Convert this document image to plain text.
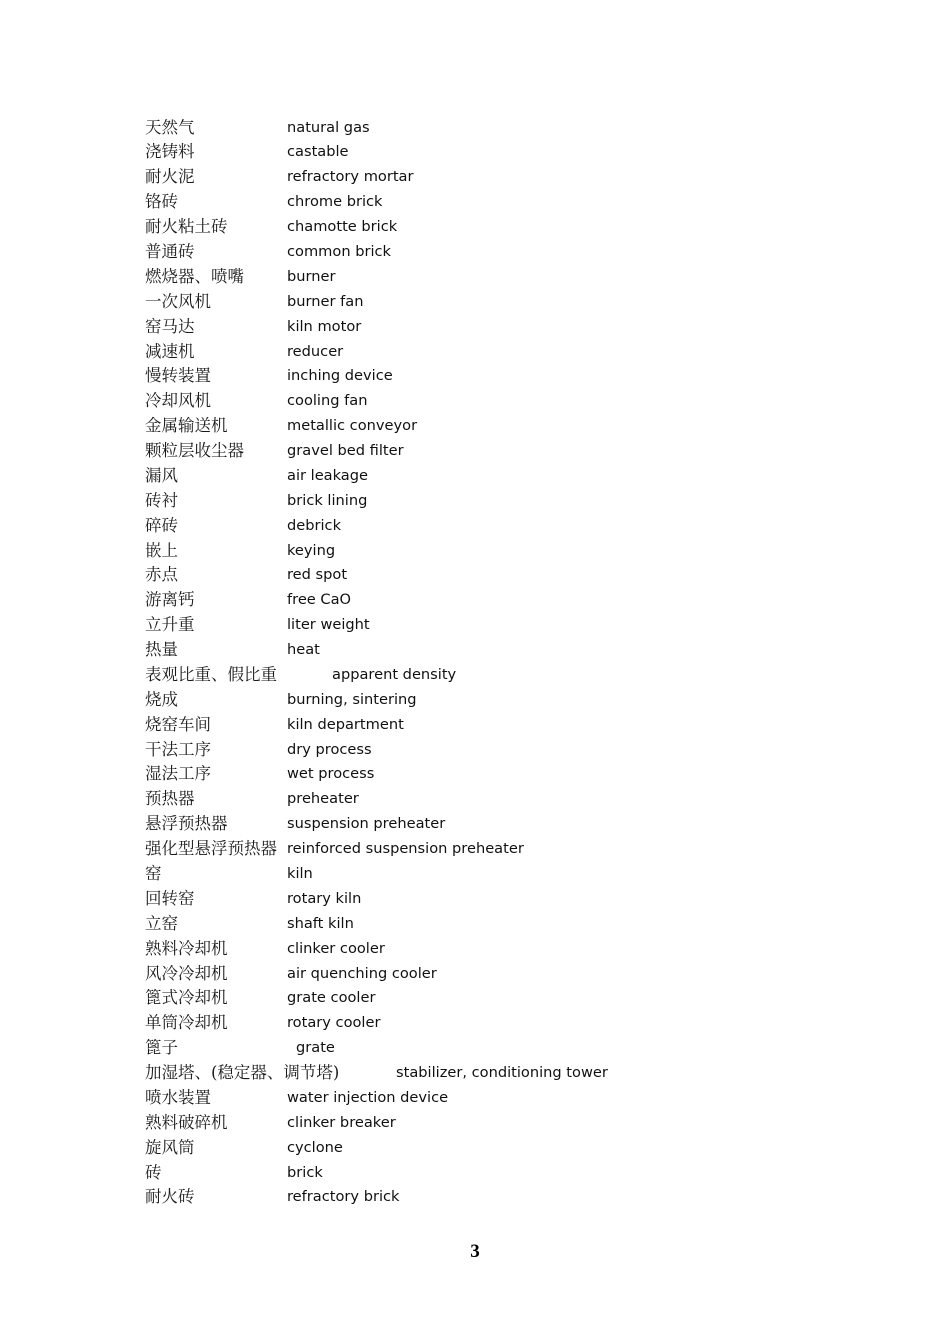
天然气	natural gas
浇铸料	castable
耐火泥	refractory mortar
铬砖	chrome brick
耐火粘土砖	chamotte brick
普通砖	common brick
燃烧器、喷嘴	burner
一次风机	burner fan
窑马达	kiln motor
减速机	reducer
慢转装置	inching device
冷却风机	cooling fan
金属输送机	metallic conveyor
颗粒层收尘器	gravel bed filter
漏风	air leakage
砖衬	brick lining
碎砖	debrick
嵌上	keying
赤点	red spot
游离钙	free CaO
立升重	liter weight
热量	heat
表观比重、假比重	apparent density
烧成	burning, sintering
烧窑车间	kiln department
干法工序	dry process
湿法工序	wet process
预热器	preheater
悬浮预热器	suspension preheater
强化型悬浮预热器 reinforced suspension preheater
窑	kiln
回转窑	rotary kiln
立窑	shaft kiln
熟料冷却机	clinker cooler
风冷冷却机	air quenching cooler
篦式冷却机	grate cooler
单筒冷却机	rotary cooler
篦子	grate
加湿塔、(稳定器、调节塔)	stabilizer, conditioning tower
喷水装置	water injection device
熟料破碎机	clinker breaker
旋风筒	cyclone
砖	brick
耐火砖	refractory brick
3
